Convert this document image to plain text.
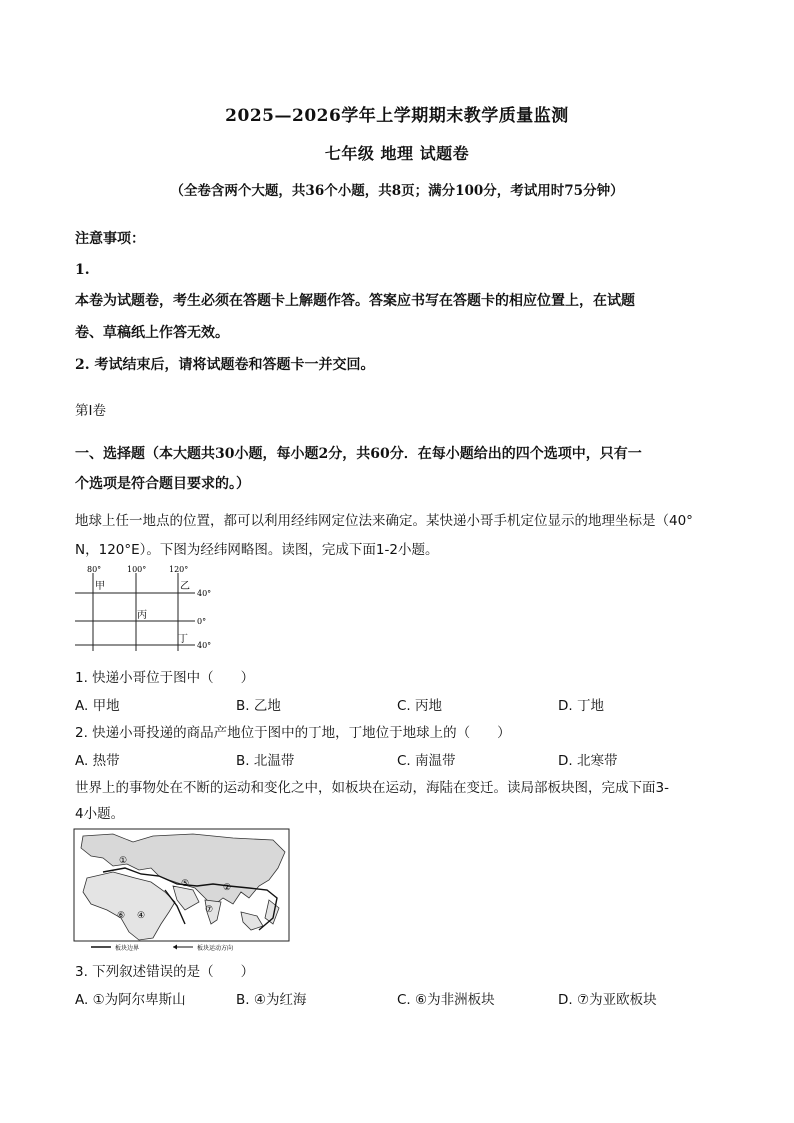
2025—2026学年上学期期末教学质量监测
七年级 地理 试题卷
（全卷含两个大题，共36个小题，共8页；满分100分，考试用时75分钟）
注意事项：
1.
本卷为试题卷，考生必须在答题卡上解题作答。答案应书写在答题卡的相应位置上，在试题
卷、草稿纸上作答无效。
2. 考试结束后，请将试题卷和答题卡一并交回。
第Ⅰ卷
一、选择题（本大题共30小题，每小题2分，共60分．在每小题给出的四个选项中，只有一
个选项是符合题目要求的。）
地球上任一地点的位置，都可以利用经纬网定位法来确定。某快递小哥手机定位显示的地理坐标是（40°
N，120°E）。下图为经纬网略图。读图，完成下面1-2小题。
80°	100°	120°
40°
0°
40°
甲	乙
丙
丁
1. 快递小哥位于图中（　　）
A. 甲地	B. 乙地	C. 丙地	D. 丁地
2. 快递小哥投递的商品产地位于图中的丁地，丁地位于地球上的（　　）
A. 热带	B. 北温带	C. 南温带	D. 北寒带
世界上的事物处在不断的运动和变化之中，如板块在运动，海陆在变迁。读局部板块图，完成下面3-
4小题。
①
②
④
⑤
⑥
⑦
板块边界	板块运动方向
3. 下列叙述错误的是（　　）
A. ①为阿尔卑斯山	B. ④为红海	C. ⑥为非洲板块	D. ⑦为亚欧板块
